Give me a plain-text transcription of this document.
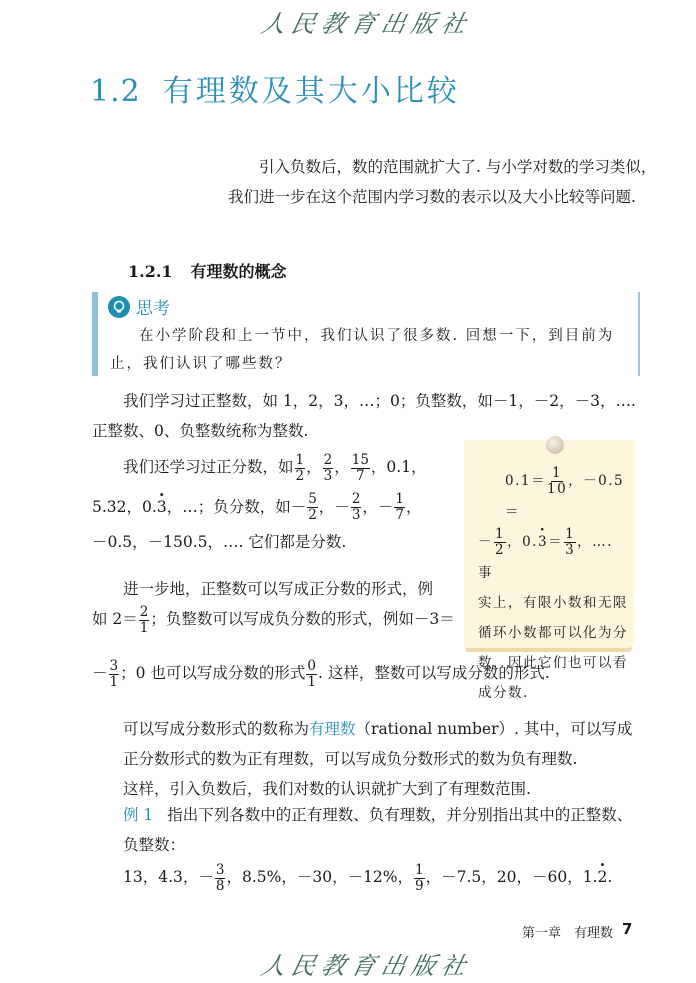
人民教育出版社
1.2 有理数及其大小比较
引入负数后，数的范围就扩大了. 与小学对数的学习类似，我们进一步在这个范围内学习数的表示以及大小比较等问题.
1.2.1 有理数的概念
思考
在小学阶段和上一节中，我们认识了很多数. 回想一下，到目前为止，我们认识了哪些数？
我们学习过正整数，如 1，2，3，…；0；负整数，如－1，－2，－3，…. 正整数、0、负整数统称为整数.
我们还学习过正分数，如 $\frac{1}{2}$ ， $\frac{2}{3}$ ， $\frac{15}{7}$ ，0.1，
5.32，0.· 3，…；负分数，如－ $\frac{5}{2}$ ，－ $\frac{2}{3}$ ，－ $\frac{1}{7}$ ，
－0.5，－150.5，…. 它们都是分数.
$0.1= \frac{1}{10}$ ，－0.5＝
－ $\frac{1}{2}$ ，$0.\cdot 3= \frac{1}{3}$ ，…. 事
实上，有限小数和无限循环小数都可以化为分数，因此它们也可以看成分数.
进一步地，正整数可以写成正分数的形式，例
如 $2= \frac{2}{1}$ ；负整数可以写成负分数的形式，例如－3＝
－ $\frac{3}{1}$ ；0 也可以写成分数的形式 $\frac{0}{1}$ . 这样，整数可以写成分数的形式.
可以写成分数形式的数称为有理数（rational number）. 其中，可以写成正分数形式的数为正有理数，可以写成负分数形式的数为负有理数.
这样，引入负数后，我们对数的认识就扩大到了有理数范围.
例 1 指出下列各数中的正有理数、负有理数，并分别指出其中的正整数、负整数：
13，4.3，－ $\frac{3}{8}$ ，8.5%，－30，－12%， $\frac{1}{9}$ ，－7.5，20，－60，1.· 2.
第一章　有理数 7
人民教育出版社
